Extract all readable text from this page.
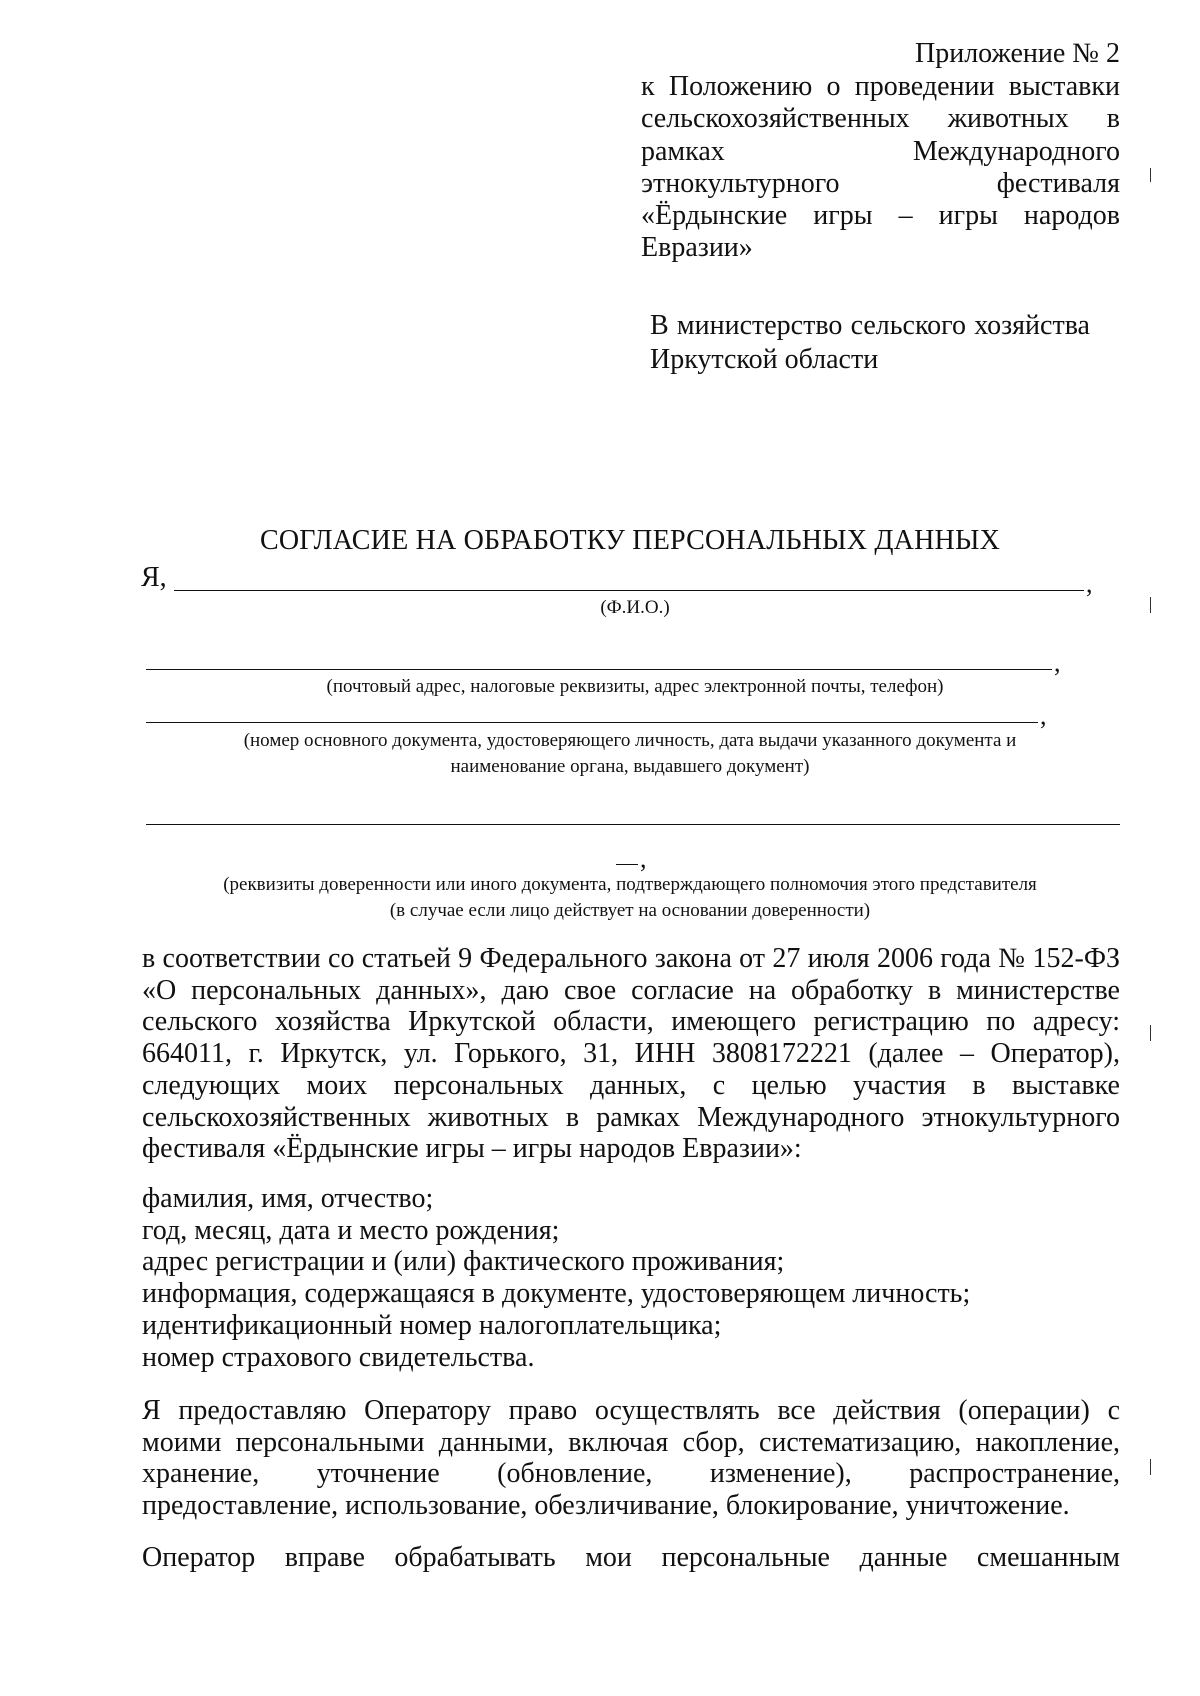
Приложение № 2
к Положению о проведении выставки сельскохозяйственных животных в рамках Международного этнокультурного фестиваля «Ёрдынские игры – игры народов Евразии»
В министерство сельского хозяйства Иркутской области
СОГЛАСИЕ НА ОБРАБОТКУ ПЕРСОНАЛЬНЫХ ДАННЫХ
Я,	,
(Ф.И.О.)
,
(почтовый адрес, налоговые реквизиты, адрес электронной почты, телефон)
,
(номер основного документа, удостоверяющего личность, дата выдачи указанного документа и
наименование органа, выдавшего документ)
,
(реквизиты доверенности или иного документа, подтверждающего полномочия этого представителя
(в случае если лицо действует на основании доверенности)
в соответствии со статьей 9 Федерального закона от 27 июля 2006 года № 152-ФЗ «О персональных данных», даю свое согласие на обработку в министерстве сельского хозяйства Иркутской области, имеющего регистрацию по адресу: 664011, г. Иркутск, ул. Горького, 31, ИНН 3808172221 (далее – Оператор), следующих моих персональных данных, с целью участия в выставке сельскохозяйственных животных в рамках Международного этнокультурного фестиваля «Ёрдынские игры – игры народов Евразии»:
фамилия, имя, отчество;
год, месяц, дата и место рождения;
адрес регистрации и (или) фактического проживания;
информация, содержащаяся в документе, удостоверяющем личность;
идентификационный номер налогоплательщика;
номер страхового свидетельства.
Я предоставляю Оператору право осуществлять все действия (операции) с моими персональными данными, включая сбор, систематизацию, накопление, хранение, уточнение (обновление, изменение), распространение, предоставление, использование, обезличивание, блокирование, уничтожение.
Оператор вправе обрабатывать мои персональные данные смешанным
